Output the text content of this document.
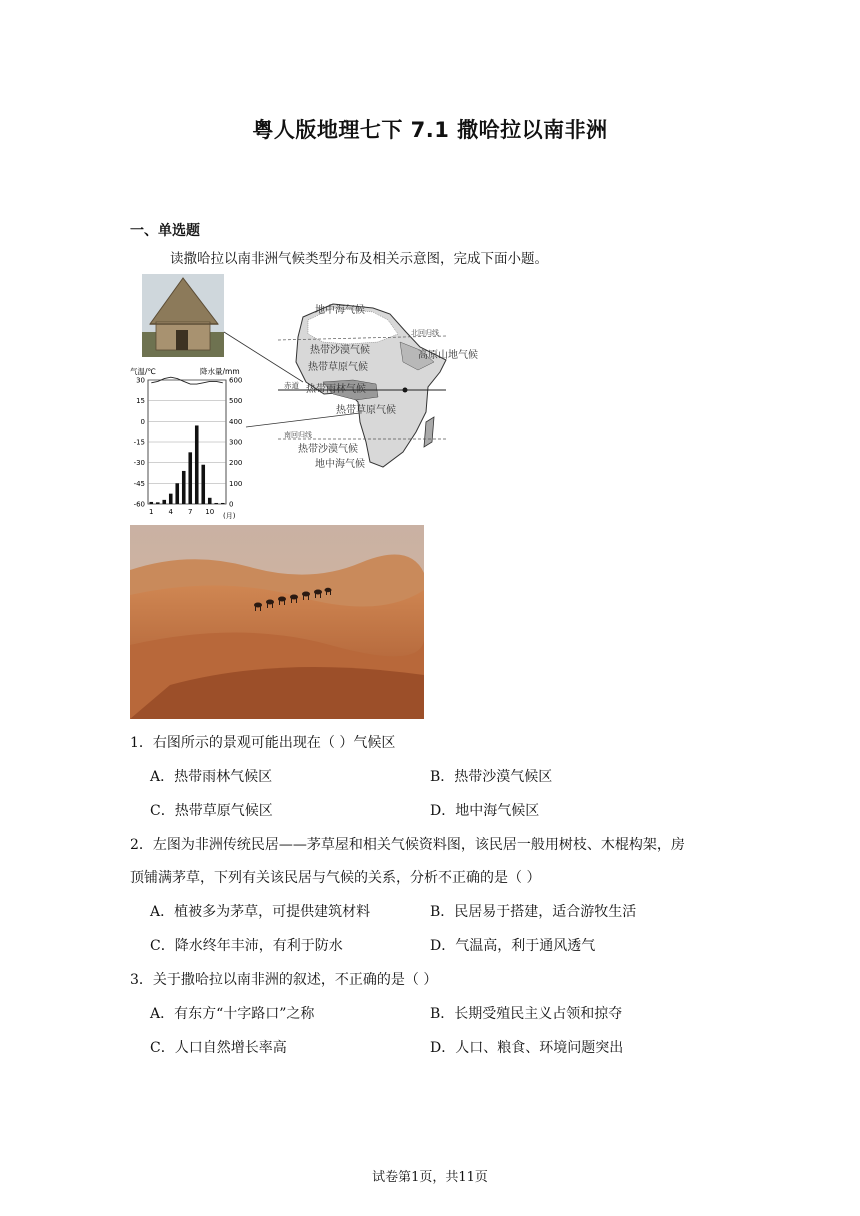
粤人版地理七下 7.1 撒哈拉以南非洲
一、单选题
读撒哈拉以南非洲气候类型分布及相关示意图，完成下面小题。
气温/℃	降水量/mm
30
15
0
-15
-30
-45
-60
600
500
400
300
200
100
0
1 4 7 10 (月)
地中海气候
北回归线
热带沙漠气候	高原山地气候
热带草原气候
赤道 热带雨林气候
热带草原气候
南回归线
热带沙漠气候
地中海气候
1．右图所示的景观可能出现在（ ）气候区
A．热带雨林气候区	B．热带沙漠气候区
C．热带草原气候区	D．地中海气候区
2．左图为非洲传统民居——茅草屋和相关气候资料图，该民居一般用树枝、木棍构架，房
顶铺满茅草，下列有关该民居与气候的关系，分析不正确的是（ ）
A．植被多为茅草，可提供建筑材料	B．民居易于搭建，适合游牧生活
C．降水终年丰沛，有利于防水	D．气温高，利于通风透气
3．关于撒哈拉以南非洲的叙述，不正确的是（ ）
A．有东方“十字路口”之称	B．长期受殖民主义占领和掠夺
C．人口自然增长率高	D．人口、粮食、环境问题突出
试卷第1页，共11页
